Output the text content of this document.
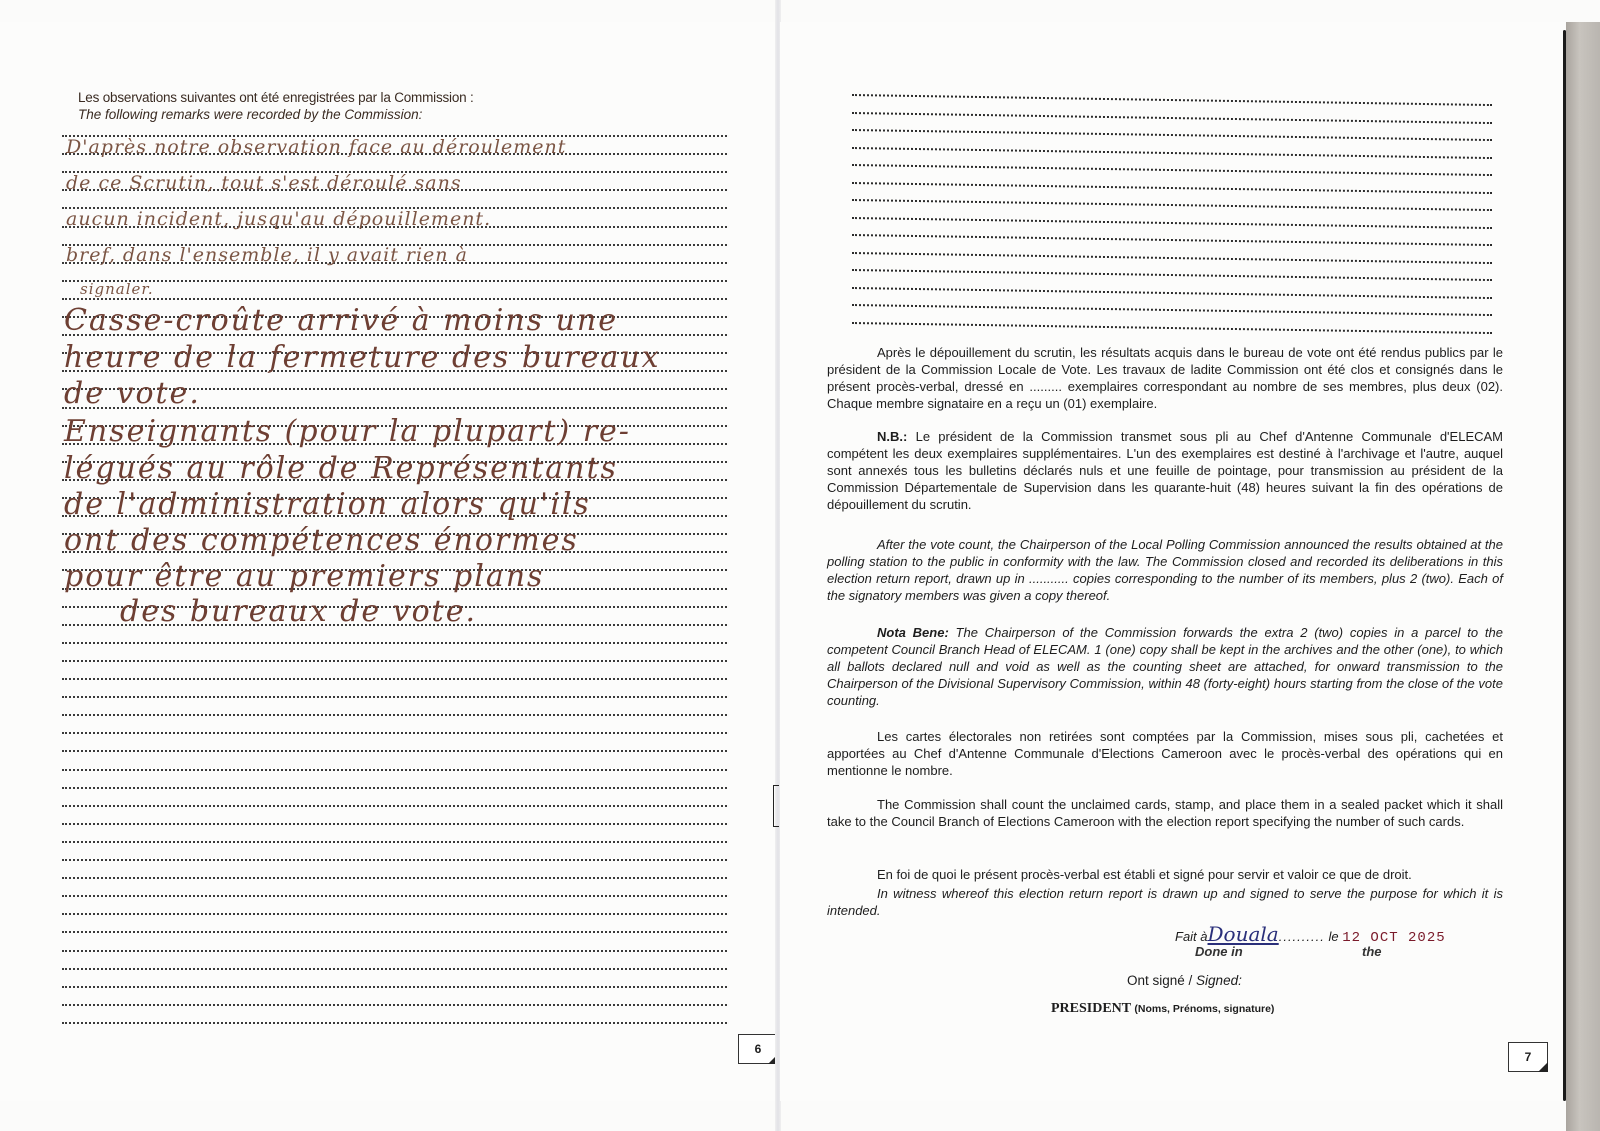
Les observations suivantes ont été enregistrées par la Commission :
The following remarks were recorded by the Commission:
D'après notre observation face au déroulement
de ce Scrutin, tout s'est déroulé sans
aucun incident, jusqu'au dépouillement.
bref, dans l'ensemble, il y avait rien à
signaler.
Casse-croûte arrivé à moins une
heure de la fermeture des bureaux
de vote.
Enseignants (pour la plupart) re-
légués au rôle de Représentants
de l'administration alors qu'ils
ont des compétences énormes
pour être au premiers plans
des bureaux de vote.
6
Après le dépouillement du scrutin, les résultats acquis dans le bureau de vote ont été rendus publics par le président de la Commission Locale de Vote. Les travaux de ladite Commission ont été clos et consignés dans le présent procès-verbal, dressé en ......... exemplaires correspondant au nombre de ses membres, plus deux (02). Chaque membre signataire en a reçu un (01) exemplaire.
N.B.: Le président de la Commission transmet sous pli au Chef d'Antenne Communale d'ELECAM compétent les deux exemplaires supplémentaires. L'un des exemplaires est destiné à l'archivage et l'autre, auquel sont annexés tous les bulletins déclarés nuls et une feuille de pointage, pour transmission au président de la Commission Départementale de Supervision dans les quarante-huit (48) heures suivant la fin des opérations de dépouillement du scrutin.
After the vote count, the Chairperson of the Local Polling Commission announced the results obtained at the polling station to the public in conformity with the law. The Commission closed and recorded its deliberations in this election return report, drawn up in ........... copies corresponding to the number of its members, plus 2 (two). Each of the signatory members was given a copy thereof.
Nota Bene: The Chairperson of the Commission forwards the extra 2 (two) copies in a parcel to the competent Council Branch Head of ELECAM. 1 (one) copy shall be kept in the archives and the other (one), to which all ballots declared null and void as well as the counting sheet are attached, for onward transmission to the Chairperson of the Divisional Supervisory Commission, within 48 (forty-eight) hours starting from the close of the vote counting.
Les cartes électorales non retirées sont comptées par la Commission, mises sous pli, cachetées et apportées au Chef d'Antenne Communale d'Elections Cameroon avec le procès-verbal des opérations qui en mentionne le nombre.
The Commission shall count the unclaimed cards, stamp, and place them in a sealed packet which it shall take to the Council Branch of Elections Cameroon with the election report specifying the number of such cards.
En foi de quoi le présent procès-verbal est établi et signé pour servir et valoir ce que de droit.
In witness whereof this election return report is drawn up and signed to serve the purpose for which it is intended.
Fait àDouala.......... le 12 OCT 2025
Done in	the
Ont signé / Signed:
PRESIDENT (Noms, Prénoms, signature)
7
